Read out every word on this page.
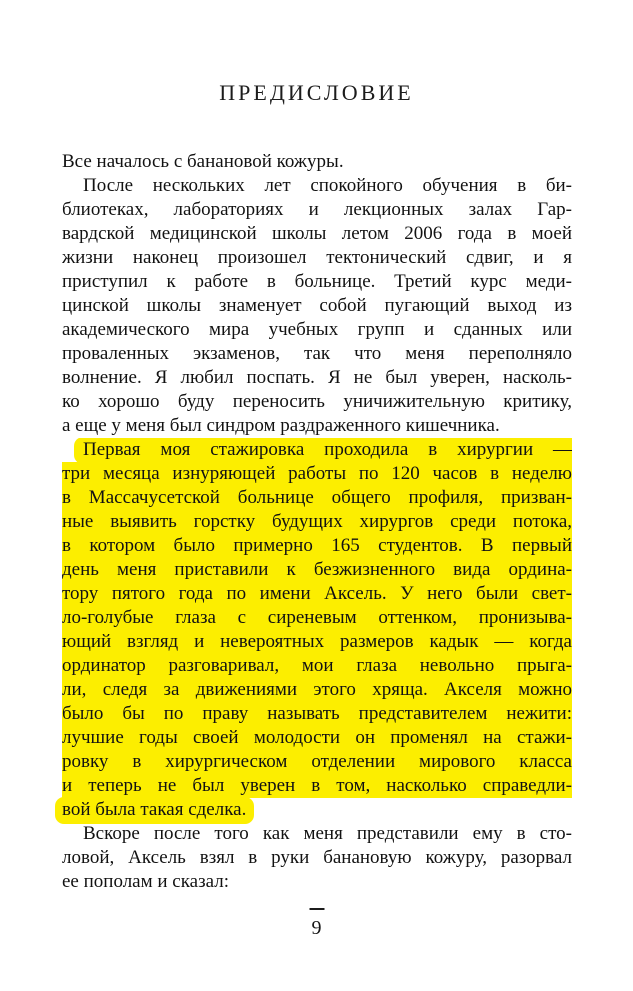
ПРЕДИСЛОВИЕ
Все началось с банановой кожуры.
После нескольких лет спокойного обучения в би-
блиотеках, лабораториях и лекционных залах Гар-
вардской медицинской школы летом 2006 года в моей
жизни наконец произошел тектонический сдвиг, и я
приступил к работе в больнице. Третий курс меди-
цинской школы знаменует собой пугающий выход из
академического мира учебных групп и сданных или
проваленных экзаменов, так что меня переполняло
волнение. Я любил поспать. Я не был уверен, насколь-
ко хорошо буду переносить уничижительную критику,
а еще у меня был синдром раздраженного кишечника.
Первая моя стажировка проходила в хирургии —
три месяца изнуряющей работы по 120 часов в неделю
в Массачусетской больнице общего профиля, призван-
ные выявить горстку будущих хирургов среди потока,
в котором было примерно 165 студентов. В первый
день меня приставили к безжизненного вида ордина-
тору пятого года по имени Аксель. У него были свет-
ло-голубые глаза с сиреневым оттенком, пронизыва-
ющий взгляд и невероятных размеров кадык — когда
ординатор разговаривал, мои глаза невольно прыга-
ли, следя за движениями этого хряща. Акселя можно
было бы по праву называть представителем нежити:
лучшие годы своей молодости он променял на стажи-
ровку в хирургическом отделении мирового класса
и теперь не был уверен в том, насколько справедли-
вой была такая сделка.
Вскоре после того как меня представили ему в сто-
ловой, Аксель взял в руки банановую кожуру, разорвал
ее пополам и сказал:
9
